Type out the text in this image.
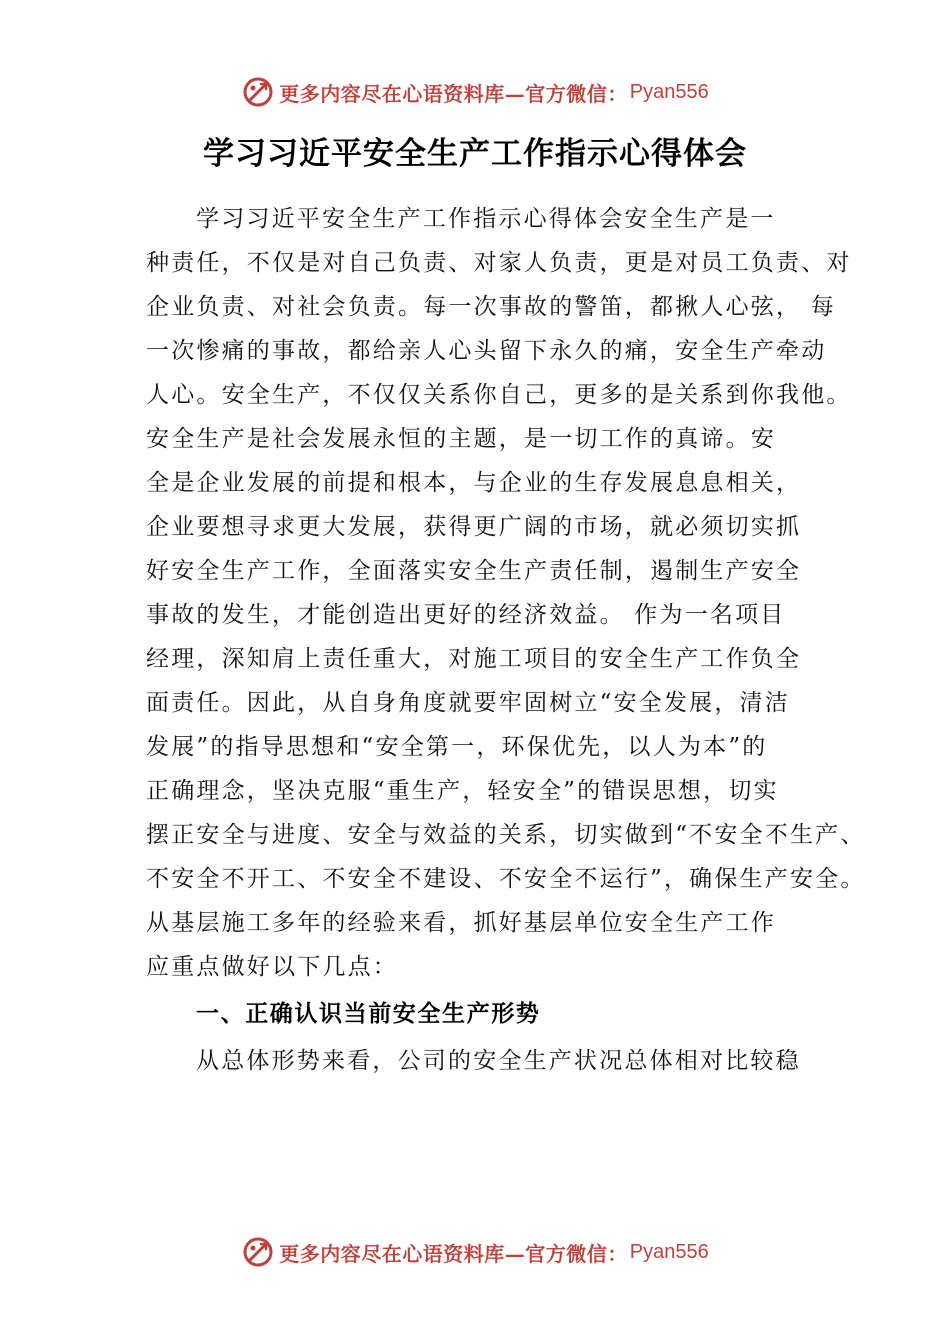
更多内容尽在心语资料库—官方微信： Pyan556
学习习近平安全生产工作指示心得体会
学习习近平安全生产工作指示心得体会安全生产是一
种责任，不仅是对自己负责、对家人负责，更是对员工负责、对
企业负责、对社会负责。每一次事故的警笛，都揪人心弦， 每
一次惨痛的事故，都给亲人心头留下永久的痛，安全生产牵动
人心。安全生产，不仅仅关系你自己，更多的是关系到你我他。
安全生产是社会发展永恒的主题，是一切工作的真谛。安
全是企业发展的前提和根本，与企业的生存发展息息相关，
企业要想寻求更大发展，获得更广阔的市场，就必须切实抓
好安全生产工作，全面落实安全生产责任制，遏制生产安全
事故的发生，才能创造出更好的经济效益。 作为一名项目
经理，深知肩上责任重大，对施工项目的安全生产工作负全
面责任。因此，从自身角度就要牢固树立“安全发展，清洁
发展”的指导思想和“安全第一，环保优先，以人为本”的
正确理念，坚决克服“重生产，轻安全”的错误思想，切实
摆正安全与进度、安全与效益的关系，切实做到“不安全不生产、
不安全不开工、不安全不建设、不安全不运行”，确保生产安全。
从基层施工多年的经验来看，抓好基层单位安全生产工作
应重点做好以下几点：
一、正确认识当前安全生产形势
从总体形势来看，公司的安全生产状况总体相对比较稳
更多内容尽在心语资料库—官方微信： Pyan556
